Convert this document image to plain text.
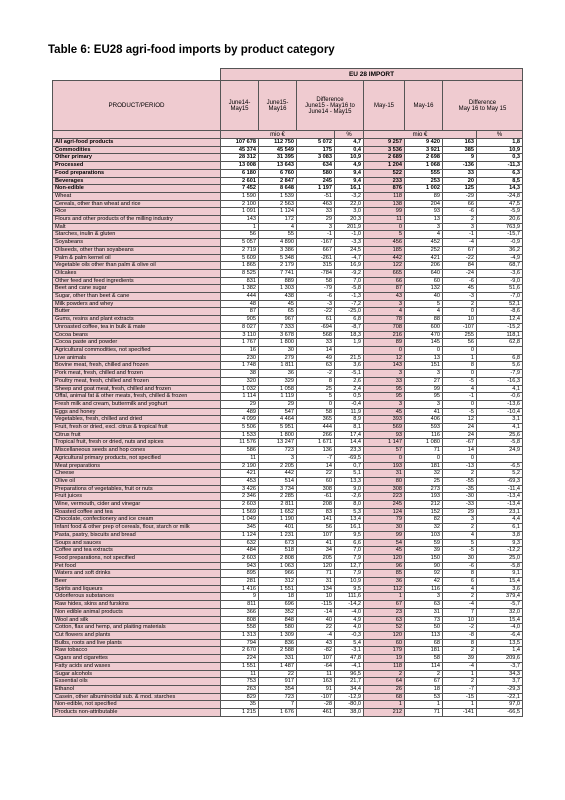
Table 6: EU28 agri-food imports by product category
	EU 28 IMPORT							
PRODUCT/PERIOD	June14-
May15	June15-
May16	Difference
June15 - May16 to
June14 - May15		May-15	May-16	Difference
May 16 to May 15	
	mio €			%	mio €			%
All agri-food products	107 678	112 750	5 072	4,7	9 257	9 420	163	1,8
Commodities	45 374	45 549	175	0,4	3 536	3 921	385	10,9
Other primary	28 312	31 395	3 083	10,9	2 689	2 698	9	0,3
Processed	13 008	13 643	634	4,9	1 204	1 068	-136	-11,3
Food preparations	6 180	6 760	580	9,4	522	555	33	6,3
Beverages	2 601	2 847	245	9,4	233	253	20	8,5
Non-edible	7 452	8 648	1 197	16,1	876	1 002	125	14,3
Wheat	1 590	1 539	-51	-3,2	118	89	-29	-24,8
Cereals, other than wheat and rice	2 100	2 563	463	22,0	138	204	66	47,5
Rice	1 091	1 124	33	3,0	99	93	-6	-5,9
Flours and other products of the milling industry	143	172	29	20,3	11	13	2	20,6
Malt	1	4	3	201,9	0	3	3	763,9
Starches, inulin & gluten	56	55	-1	-1,0	5	4	-1	-15,7
Soyabeans	5 057	4 890	-167	-3,3	456	452	-4	-0,9
Oilseeds, other than soyabeans	2 719	3 386	667	24,5	185	252	67	36,2
Palm & palm kernel oil	5 609	5 348	-261	-4,7	442	421	-22	-4,9
Vegetable oils other than palm & olive oil	1 865	2 179	315	16,9	122	206	84	68,7
Oilcakes	8 525	7 741	-784	-9,2	665	640	-24	-3,6
Other feed and feed ingredients	831	889	58	7,0	66	60	-6	-9,0
Beet and cane sugar	1 382	1 303	-79	-5,8	87	132	45	51,6
Sugar, other than beet & cane	444	438	-6	-1,3	43	40	-3	-7,0
Milk powders and whey	48	45	-3	-7,2	3	5	2	52,1
Butter	87	65	-22	-25,0	4	4	0	-8,6
Gums, resins and plant extracts	905	967	61	6,8	78	88	10	12,4
Unroasted coffee, tea in bulk & mate	8 027	7 333	-694	-8,7	708	600	-107	-15,2
Cocoa beans	3 110	3 678	568	18,3	216	470	255	118,1
Cocoa paste and powder	1 767	1 800	33	1,9	89	145	56	62,8
Agricultural commodities, not specified	16	30	14		0	0	0	
Live animals	230	279	49	21,5	12	13	1	6,8
Bovine meat, fresh, chilled and frozen	1 748	1 811	63	3,6	143	151	8	5,6
Pork meat, fresh, chilled and frozen	38	36	-2	-5,1	3	3	0	-7,9
Poultry meat, fresh, chilled and frozen	320	329	8	2,6	33	27	-5	-16,3
Sheep and goat meat, fresh, chilled and frozen	1 032	1 058	25	2,4	95	99	4	4,1
Offal, animal fat & other meats, fresh, chilled & frozen	1 114	1 119	5	0,5	95	95	-1	-0,6
Fresh milk and cream, buttermilk and yoghurt	29	29	0	-0,4	3	3	0	-13,6
Eggs and honey	489	547	58	11,9	45	41	-5	-10,4
Vegetables, fresh, chilled and dried	4 099	4 464	365	8,9	393	406	12	3,1
Fruit, fresh or dried, excl. citrus & tropical fruit	5 506	5 951	444	8,1	569	593	24	4,1
Citrus fruit	1 533	1 800	266	17,4	93	116	24	25,6
Tropical fruit, fresh or dried, nuts and spices	11 576	13 247	1 671	14,4	1 147	1 080	-67	-5,8
Miscellaneous seeds and hop cones	586	723	136	23,3	57	71	14	24,9
Agricultural primary products, not specified	11	3	-7	-69,5	0	0	0	
Meat preparations	2 190	2 205	14	0,7	193	181	-13	-6,5
Cheese	421	442	22	5,1	31	32	2	5,2
Olive oil	453	514	60	13,3	80	25	-55	-69,3
Preparations of vegetables, fruit or nuts	3 426	3 734	308	9,0	308	273	-35	-11,4
Fruit juices	2 346	2 285	-61	-2,6	223	193	-30	-13,4
Wine, vermouth, cider and vinegar	2 603	2 811	208	8,0	245	212	-33	-13,4
Roasted coffee and tea	1 569	1 652	83	5,3	124	152	29	23,1
Chocolate, confectionery and ice cream	1 049	1 190	141	13,4	79	82	3	4,4
Infant food & other prep of cereals, flour, starch or milk	345	401	56	16,1	30	32	2	6,1
Pasta, pastry, biscuits and bread	1 124	1 231	107	9,5	99	103	4	3,8
Soups and sauces	632	673	41	6,6	54	59	5	9,3
Coffee and tea extracts	484	518	34	7,0	45	39	-5	-12,2
Food preparations, not specified	2 603	2 808	205	7,9	120	150	30	25,0
Pet food	943	1 063	120	12,7	96	90	-6	-5,8
Waters and soft drinks	895	966	71	7,9	85	92	8	9,1
Beer	281	312	31	10,9	36	42	6	15,4
Spirits and liqueurs	1 416	1 551	134	9,5	112	116	4	3,6
Odoriferous substances	9	18	10	111,6	1	3	2	379,4
Raw hides, skins and furskins	811	696	-115	-14,2	67	63	-4	-5,7
Non edible animal products	366	352	-14	-4,0	23	31	7	32,0
Wool and silk	808	848	40	4,9	63	73	10	15,4
Cotton, flax and hemp, and plaiting materials	558	580	22	4,0	52	50	-2	-4,0
Cut flowers and plants	1 313	1 309	-4	-0,3	120	113	-8	-6,4
Bulbs, roots and live plants	794	836	43	5,4	60	68	8	13,5
Raw tobacco	2 670	2 588	-82	-3,1	179	181	2	1,4
Cigars and cigarettes	224	331	107	47,8	19	58	39	209,6
Fatty acids and waxes	1 551	1 487	-64	-4,1	118	114	-4	-3,7
Sugar alcohols	11	22	11	96,5	2	2	1	34,3
Essential oils	753	917	163	21,7	64	67	2	3,7
Ethanol	263	354	91	34,4	26	18	-7	-29,3
Casein, other albuminoidal sub. & mod. starches	829	723	-107	-12,9	68	53	-15	-22,1
Non-edible, not specified	35	7	-28	-80,0	1	1	1	97,0
Products non-attributable	1 215	1 676	461	38,0	212	71	-141	-66,5
